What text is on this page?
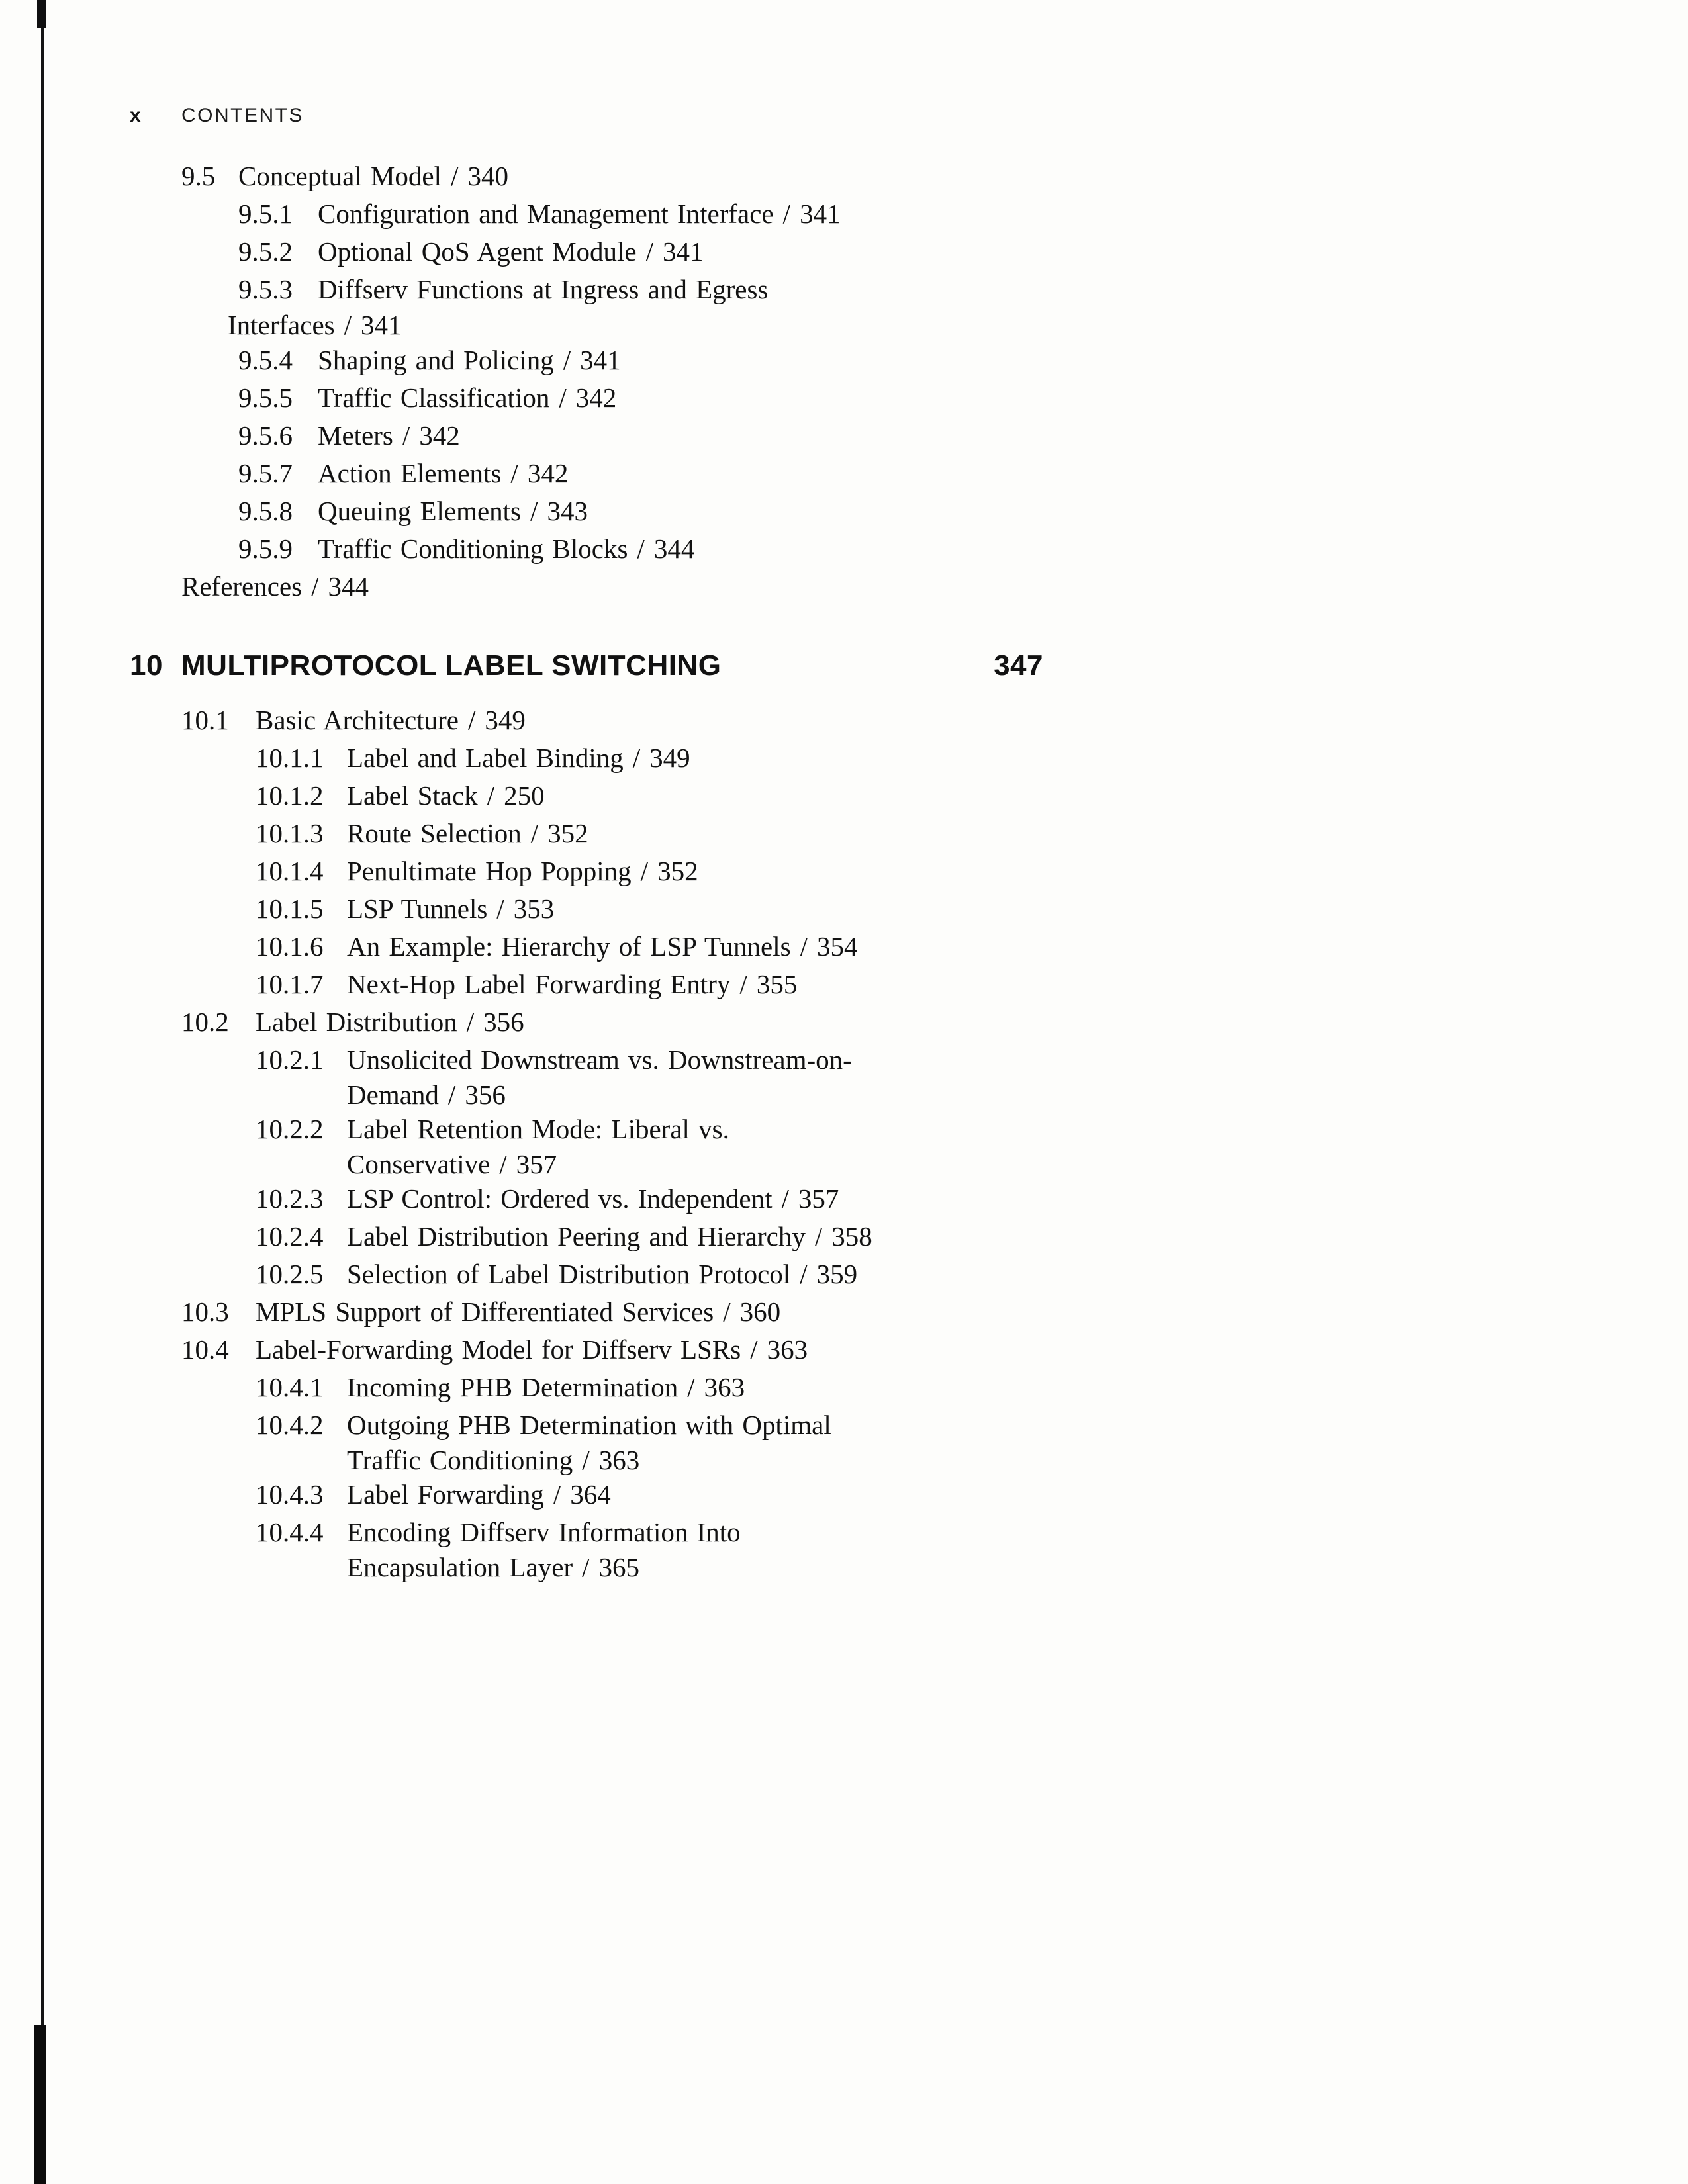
x	CONTENTS
9.5 Conceptual Model / 340
9.5.1 Configuration and Management Interface / 341
9.5.2 Optional QoS Agent Module / 341
9.5.3 Diffserv Functions at Ingress and Egress
Interfaces / 341
9.5.4 Shaping and Policing / 341
9.5.5 Traffic Classification / 342
9.5.6 Meters / 342
9.5.7 Action Elements / 342
9.5.8 Queuing Elements / 343
9.5.9 Traffic Conditioning Blocks / 344
References / 344
10 MULTIPROTOCOL LABEL SWITCHING	347
10.1 Basic Architecture / 349
10.1.1 Label and Label Binding / 349
10.1.2 Label Stack / 250
10.1.3 Route Selection / 352
10.1.4 Penultimate Hop Popping / 352
10.1.5 LSP Tunnels / 353
10.1.6 An Example: Hierarchy of LSP Tunnels / 354
10.1.7 Next-Hop Label Forwarding Entry / 355
10.2 Label Distribution / 356
10.2.1 Unsolicited Downstream vs. Downstream-on-
Demand / 356
10.2.2 Label Retention Mode: Liberal vs.
Conservative / 357
10.2.3 LSP Control: Ordered vs. Independent / 357
10.2.4 Label Distribution Peering and Hierarchy / 358
10.2.5 Selection of Label Distribution Protocol / 359
10.3 MPLS Support of Differentiated Services / 360
10.4 Label-Forwarding Model for Diffserv LSRs / 363
10.4.1 Incoming PHB Determination / 363
10.4.2 Outgoing PHB Determination with Optimal
Traffic Conditioning / 363
10.4.3 Label Forwarding / 364
10.4.4 Encoding Diffserv Information Into
Encapsulation Layer / 365
